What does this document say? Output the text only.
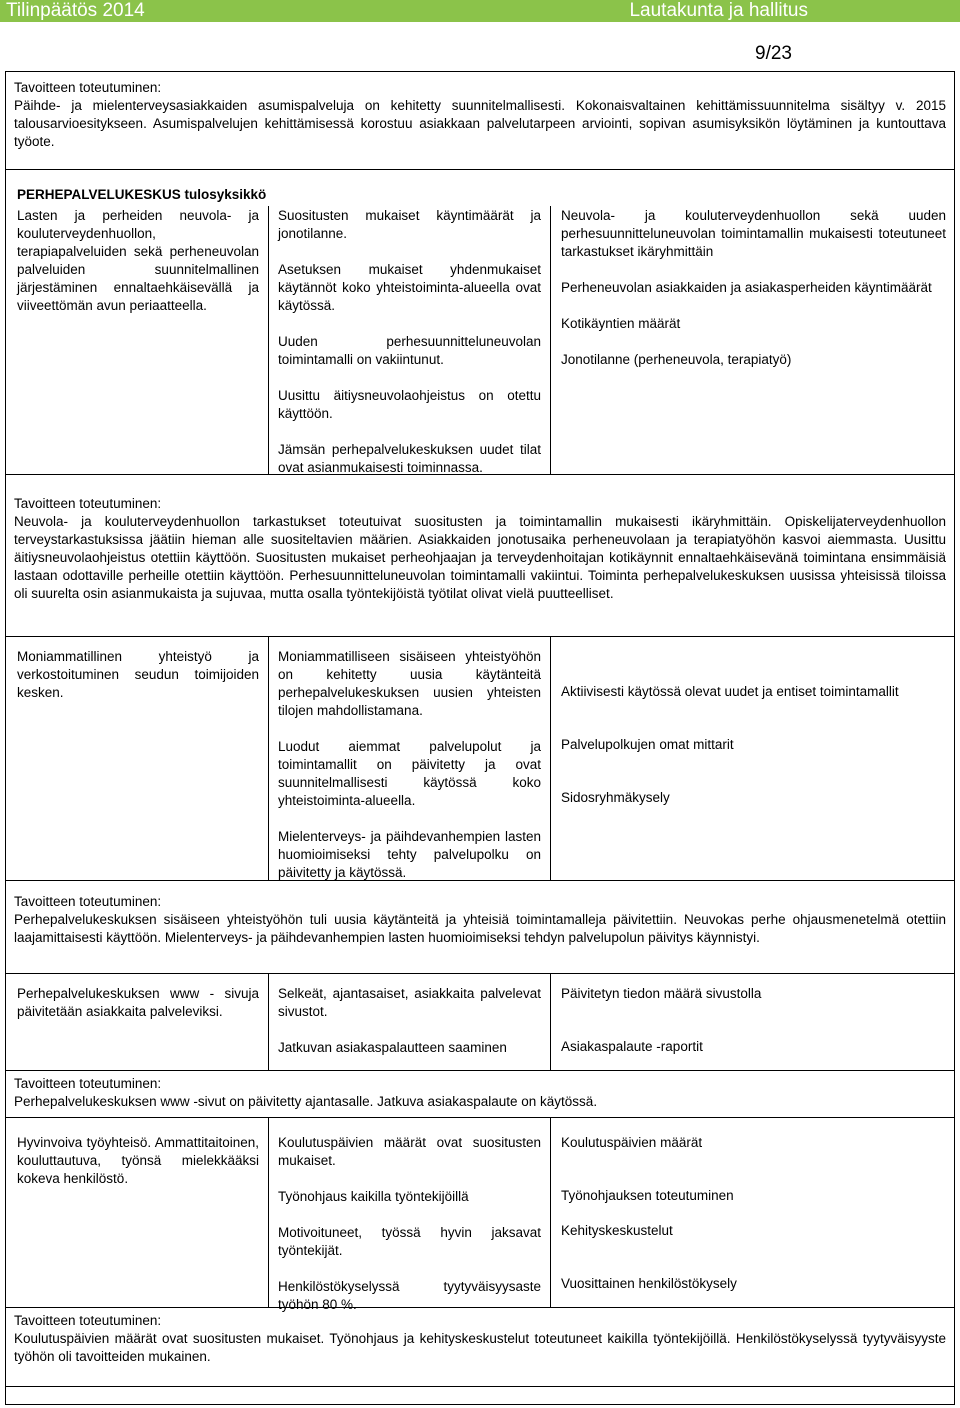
Tilinpäätös 2014	Lautakunta ja hallitus
9/23
Tavoitteen toteutuminen:
Päihde- ja mielenterveysasiakkaiden asumispalveluja on kehitetty suunnitelmallisesti. Kokonaisvaltainen kehittämissuunnitelma sisältyy v. 2015 talousarvioesitykseen. Asumispalvelujen kehittämisessä korostuu asiakkaan palvelutarpeen arviointi, sopivan asumisyksikön löytäminen ja kuntouttava työote.
PERHEPALVELUKESKUS tulosyksikkö

Lasten ja perheiden neuvola- ja kouluterveydenhuollon, terapiapalveluiden sekä perheneuvolan palveluiden suunnitelmallinen järjestäminen ennaltaehkäisevällä ja viiveettömän avun periaatteella.

Suositusten mukaiset käyntimäärät ja jonotilanne.

Asetuksen mukaiset yhdenmukaiset käytännöt koko yhteistoiminta-alueella ovat käytössä.

Uuden perhesuunnitteluneuvolan toimintamalli on vakiintunut.

Uusittu äitiysneuvolaohjeistus on otettu käyttöön.

Jämsän perhepalvelukeskuksen uudet tilat ovat asianmukaisesti toiminnassa.

Neuvola- ja kouluterveydenhuollon sekä uuden perhesuunnitteluneuvolan toimintamallin mukaisesti toteutuneet tarkastukset ikäryhmittäin

Perheneuvolan asiakkaiden ja asiakasperheiden käyntimäärät

Kotikäyntien määrät

Jonotilanne (perheneuvola, terapiatyö)

Tavoitteen toteutuminen:
Neuvola- ja kouluterveydenhuollon tarkastukset toteutuivat suositusten ja toimintamallin mukaisesti ikäryhmittäin. Opiskelijaterveydenhuollon terveystarkastuksissa jäätiin hieman alle suositeltavien määrien. Asiakkaiden jonotusaika perheneuvolaan ja terapiatyöhön kasvoi aiemmasta. Uusittu äitiysneuvolaohjeistus otettiin käyttöön. Suositusten mukaiset perheohjaajan ja terveydenhoitajan kotikäynnit ennaltaehkäisevänä toimintana ensimmäisiä lastaan odottaville perheille otettiin käyttöön. Perhesuunnitteluneuvolan toimintamalli vakiintui. Toiminta perhepalvelukeskuksen uusissa yhteisissä tiloissa oli suurelta osin asianmukaista ja sujuvaa, mutta osalla työntekijöistä työtilat olivat vielä puutteelliset.

Moniammatillinen yhteistyö ja verkostoituminen seudun toimijoiden kesken.

Moniammatilliseen sisäiseen yhteistyöhön on kehitetty uusia käytänteitä perhepalvelukeskuksen uusien yhteisten tilojen mahdollistamana.

Luodut aiemmat palvelupolut ja toimintamallit on päivitetty ja ovat suunnitelmallisesti käytössä koko yhteistoiminta-alueella.

Mielenterveys- ja päihdevanhempien lasten huomioimiseksi tehty palvelupolku on päivitetty ja käytössä.

Aktiivisesti käytössä olevat uudet ja entiset toimintamallit

Palvelupolkujen omat mittarit

Sidosryhmäkysely

Tavoitteen toteutuminen:
Perhepalvelukeskuksen sisäiseen yhteistyöhön tuli uusia käytänteitä ja yhteisiä toimintamalleja päivitettiin. Neuvokas perhe ohjausmenetelmä otettiin laajamittaisesti käyttöön. Mielenterveys- ja päihdevanhempien lasten huomioimiseksi tehdyn palvelupolun päivitys käynnistyi.

Perhepalvelukeskuksen www - sivuja päivitetään asiakkaita palveleviksi.

Selkeät, ajantasaiset, asiakkaita palvelevat sivustot.

Jatkuvan asiakaspalautteen saaminen

Päivitetyn tiedon määrä sivustolla

Asiakaspalaute -raportit

Tavoitteen toteutuminen:
Perhepalvelukeskuksen www -sivut on päivitetty ajantasalle. Jatkuva asiakaspalaute on käytössä.

Hyvinvoiva työyhteisö. Ammattitaitoinen, kouluttautuva, työnsä mielekkääksi kokeva henkilöstö.

Koulutuspäivien määrät ovat suositusten mukaiset.

Työnohjaus kaikilla työntekijöillä

Motivoituneet, työssä hyvin jaksavat työntekijät.

Henkilöstökyselyssä tyytyväisyysaste työhön 80 %.

Koulutuspäivien määrät

Työnohjauksen toteutuminen

Kehityskeskustelut

Vuosittainen henkilöstökysely

Tavoitteen toteutuminen:
Koulutuspäivien määrät ovat suositusten mukaiset. Työnohjaus ja kehityskeskustelut toteutuneet kaikilla työntekijöillä. Henkilöstökyselyssä tyytyväisyyste työhön oli tavoitteiden mukainen.
